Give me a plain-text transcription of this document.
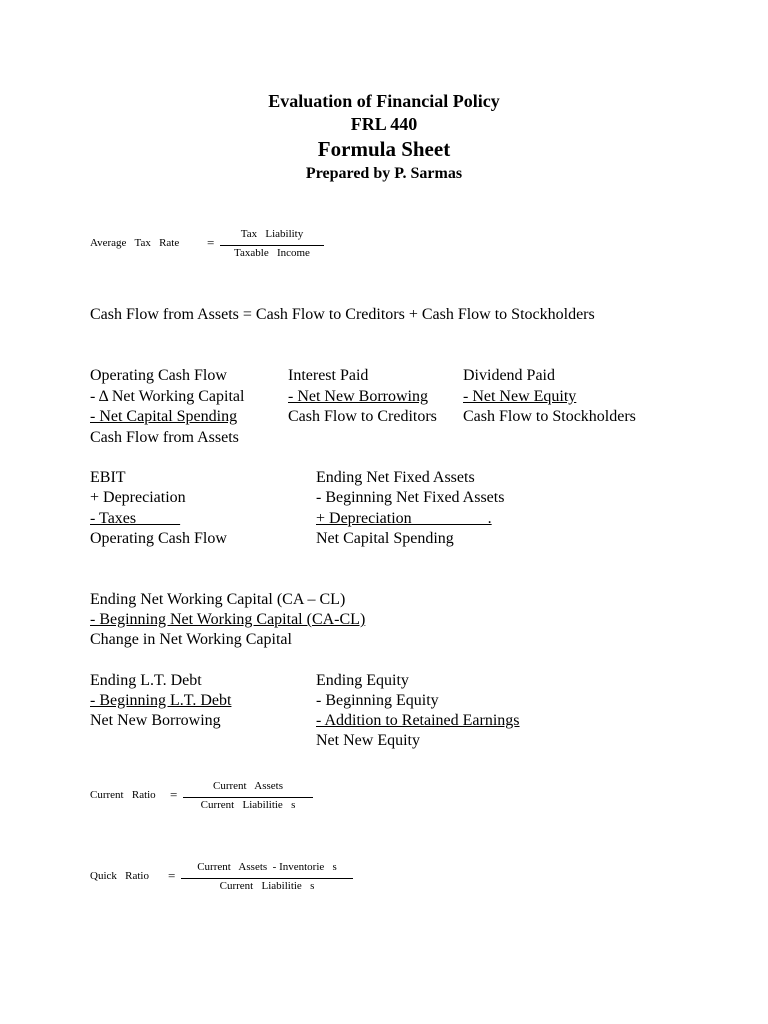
Evaluation of Financial Policy
FRL 440
Formula Sheet
Prepared by P. Sarmas

Average   Tax   Rate

=

Tax   Liability

Taxable   Income

Cash Flow from Assets = Cash Flow to Creditors + Cash Flow to Stockholders
Operating Cash Flow
- Δ Net Working Capital
- Net Capital Spending
Cash Flow from Assets
Interest Paid
- Net New Borrowing
Cash Flow to Creditors
Dividend Paid
- Net New Equity
Cash Flow to Stockholders
EBIT
+ Depreciation
- Taxes
Operating Cash Flow
Ending Net Fixed Assets
- Beginning Net Fixed Assets
+ Depreciation                   .
Net Capital Spending
Ending Net Working Capital (CA – CL)
- Beginning Net Working Capital (CA-CL)
Change in Net Working Capital
Ending L.T. Debt
- Beginning L.T. Debt
Net New Borrowing
Ending Equity
- Beginning Equity
- Addition to Retained Earnings
Net New Equity

Current   Ratio

=

Current   Assets

Current   Liabilitie   s

Quick   Ratio

=

Current   Assets  - Inventorie   s

Current   Liabilitie   s
